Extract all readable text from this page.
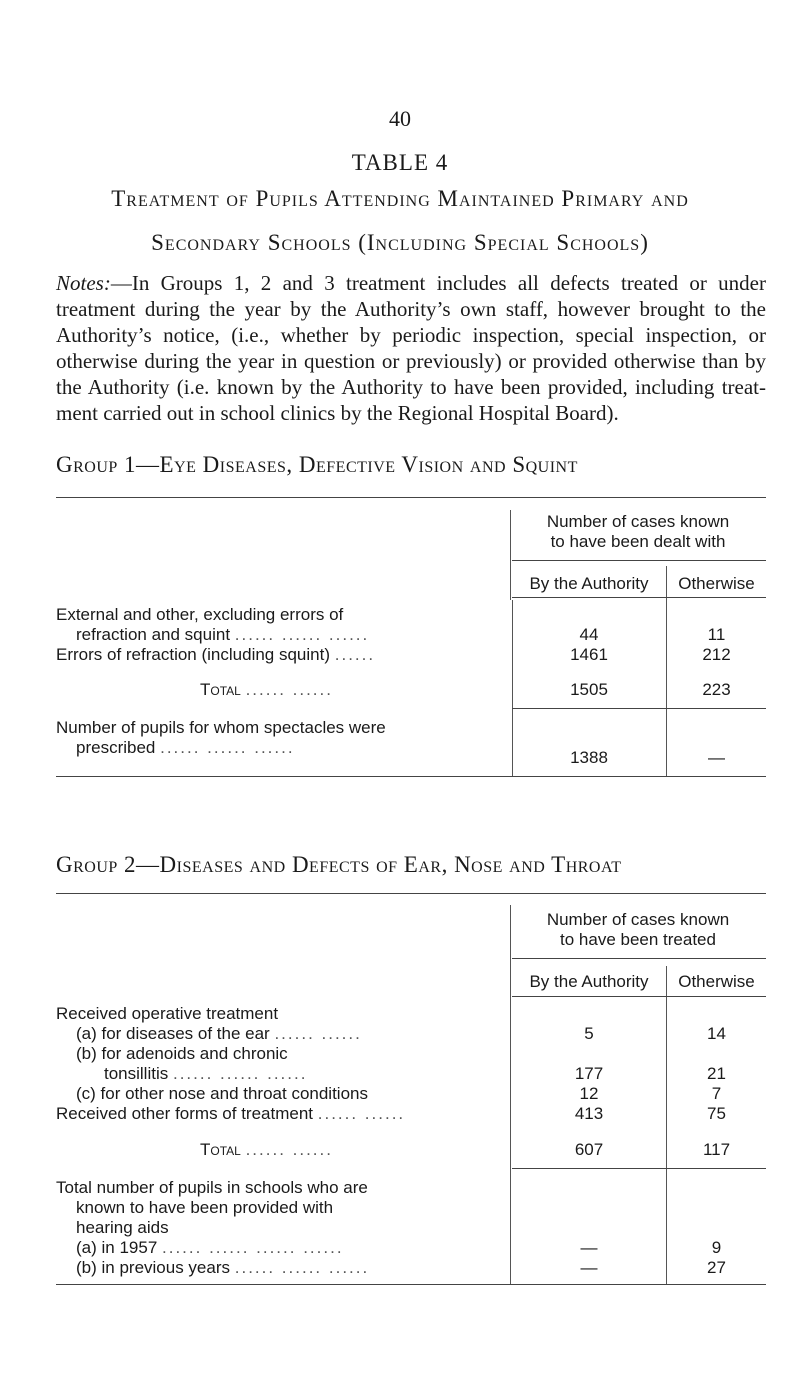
40
TABLE 4
Treatment of Pupils Attending Maintained Primary and
Secondary Schools (Including Special Schools)
Notes:—In Groups 1, 2 and 3 treatment includes all defects treated or under treatment during the year by the Authority’s own staff, however brought to the Authority’s notice, (i.e., whether by periodic inspection, special inspection, or otherwise during the year in question or previously) or provided otherwise than by the Authority (i.e. known by the Authority to have been provided, including treat-ment carried out in school clinics by the Regional Hospital Board).
Group 1—Eye Diseases, Defective Vision and Squint
Number of cases known
to have been dealt with
By the Authority	Otherwise
External and other, excluding errors of
refraction and squint ...... ...... ......	44	11
Errors of refraction (including squint) ......	1461	212
Total ...... ......	1505	223
Number of pupils for whom spectacles were
prescribed ...... ...... ......
1388	—
Group 2—Diseases and Defects of Ear, Nose and Throat
Number of cases known
to have been treated
By the Authority	Otherwise
Received operative treatment
(a) for diseases of the ear ...... ......	5	14
(b) for adenoids and chronic
tonsillitis ...... ...... ......	177	21
(c) for other nose and throat conditions	12	7
Received other forms of treatment ...... ......	413	75
Total ...... ......	607	117
Total number of pupils in schools who are
known to have been provided with
hearing aids
(a) in 1957 ...... ...... ...... ......	—	9
(b) in previous years ...... ...... ......	—	27
